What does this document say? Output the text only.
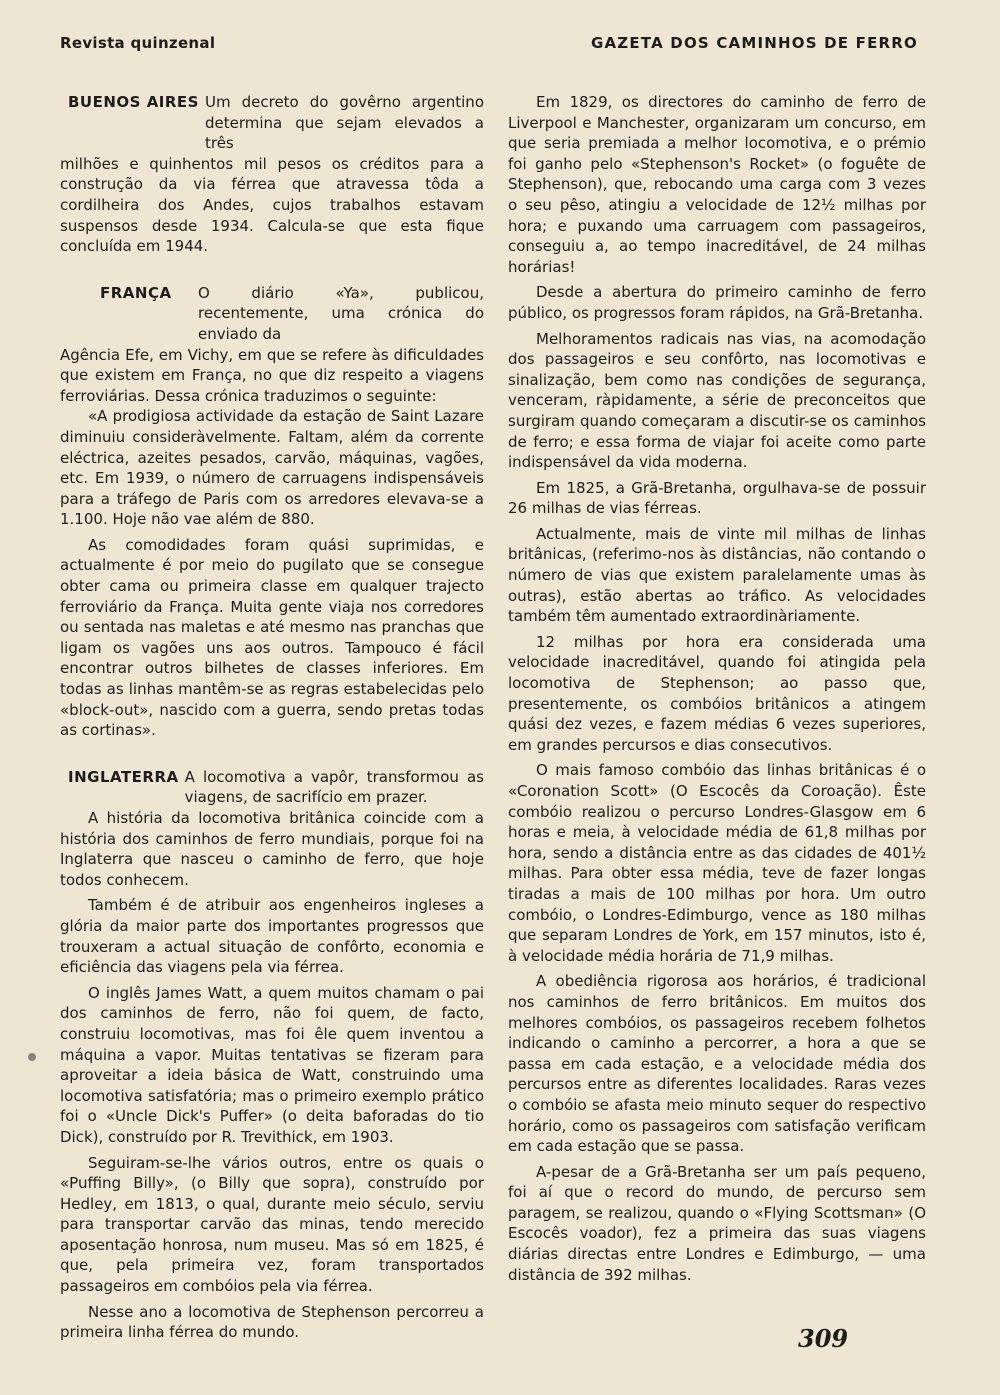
Revista quinzenal	GAZETA DOS CAMINHOS DE FERRO
BUENOS AIRES Um decreto do govêrno argentino determina que sejam elevados a três

milhões e quinhentos mil pesos os créditos para a construção da via férrea que atravessa tôda a cordilheira dos Andes, cujos trabalhos estavam suspensos desde 1934. Calcula-se que esta fique concluída em 1944.

FRANÇA	O diário «Ya», publicou, recentemente, uma crónica do enviado da

Agência Efe, em Vichy, em que se refere às dificuldades que existem em França, no que diz respeito a viagens ferroviárias. Dessa crónica traduzimos o seguinte:

«A prodigiosa actividade da estação de Saint Lazare diminuiu consideràvelmente. Faltam, além da corrente eléctrica, azeites pesados, carvão, máquinas, vagões, etc. Em 1939, o número de carruagens indispensáveis para a tráfego de Paris com os arredores elevava-se a 1.100. Hoje não vae além de 880.

As comodidades foram quási suprimidas, e actualmente é por meio do pugilato que se consegue obter cama ou primeira classe em qualquer trajecto ferroviário da França. Muita gente viaja nos corredores ou sentada nas maletas e até mesmo nas pranchas que ligam os vagões uns aos outros. Tampouco é fácil encontrar outros bilhetes de classes inferiores. Em todas as linhas mantêm-se as regras estabelecidas pelo «block-out», nascido com a guerra, sendo pretas todas as cortinas».

INGLATERRA A locomotiva a vapôr, transformou as viagens, de sacrifício em prazer.

A história da locomotiva britânica coincide com a história dos caminhos de ferro mundiais, porque foi na Inglaterra que nasceu o caminho de ferro, que hoje todos conhecem.

Também é de atribuir aos engenheiros ingleses a glória da maior parte dos importantes progressos que trouxeram a actual situação de confôrto, economia e eficiência das viagens pela via férrea.

O inglês James Watt, a quem muitos chamam o pai dos caminhos de ferro, não foi quem, de facto, construiu locomotivas, mas foi êle quem inventou a máquina a vapor. Muitas tentativas se fizeram para aproveitar a ideia básica de Watt, construindo uma locomotiva satisfatória; mas o primeiro exemplo prático foi o «Uncle Dick's Puffer» (o deita baforadas do tio Dick), construído por R. Trevithick, em 1903.

Seguiram-se-lhe vários outros, entre os quais o «Puffing Billy», (o Billy que sopra), construído por Hedley, em 1813, o qual, durante meio século, serviu para transportar carvão das minas, tendo merecido aposentação honrosa, num museu. Mas só em 1825, é que, pela primeira vez, foram transportados passageiros em combóios pela via férrea.

Nesse ano a locomotiva de Stephenson percorreu a primeira linha férrea do mundo.

Em 1829, os directores do caminho de ferro de Liverpool e Manchester, organizaram um concurso, em que seria premiada a melhor locomotiva, e o prémio foi ganho pelo «Stephenson's Rocket» (o foguête de Stephenson), que, rebocando uma carga com 3 vezes o seu pêso, atingiu a velocidade de 12½ milhas por hora; e puxando uma carruagem com passageiros, conseguiu a, ao tempo inacreditável, de 24 milhas horárias!

Desde a abertura do primeiro caminho de ferro público, os progressos foram rápidos, na Grã-Bretanha.

Melhoramentos radicais nas vias, na acomodação dos passageiros e seu confôrto, nas locomotivas e sinalização, bem como nas condições de segurança, venceram, ràpidamente, a série de preconceitos que surgiram quando começaram a discutir-se os caminhos de ferro; e essa forma de viajar foi aceite como parte indispensável da vida moderna.

Em 1825, a Grã-Bretanha, orgulhava-se de possuir 26 milhas de vias férreas.

Actualmente, mais de vinte mil milhas de linhas britânicas, (referimo-nos às distâncias, não contando o número de vias que existem paralelamente umas às outras), estão abertas ao tráfico. As velocidades também têm aumentado extraordinàriamente.

12 milhas por hora era considerada uma velocidade inacreditável, quando foi atingida pela locomotiva de Stephenson; ao passo que, presentemente, os combóios britânicos a atingem quási dez vezes, e fazem médias 6 vezes superiores, em grandes percursos e dias consecutivos.

O mais famoso combóio das linhas britânicas é o «Coronation Scott» (O Escocês da Coroação). Êste combóio realizou o percurso Londres-Glasgow em 6 horas e meia, à velocidade média de 61,8 milhas por hora, sendo a distância entre as das cidades de 401½ milhas. Para obter essa média, teve de fazer longas tiradas a mais de 100 milhas por hora. Um outro combóio, o Londres-Edimburgo, vence as 180 milhas que separam Londres de York, em 157 minutos, isto é, à velocidade média horária de 71,9 milhas.

A obediência rigorosa aos horários, é tradicional nos caminhos de ferro britânicos. Em muitos dos melhores combóios, os passageiros recebem folhetos indicando o caminho a percorrer, a hora a que se passa em cada estação, e a velocidade média dos percursos entre as diferentes localidades. Raras vezes o combóio se afasta meio minuto sequer do respectivo horário, como os passageiros com satisfação verificam em cada estação que se passa.

A-pesar de a Grã-Bretanha ser um país pequeno, foi aí que o record do mundo, de percurso sem paragem, se realizou, quando o «Flying Scottsman» (O Escocês voador), fez a primeira das suas viagens diárias directas entre Londres e Edimburgo, — uma distância de 392 milhas.

309
